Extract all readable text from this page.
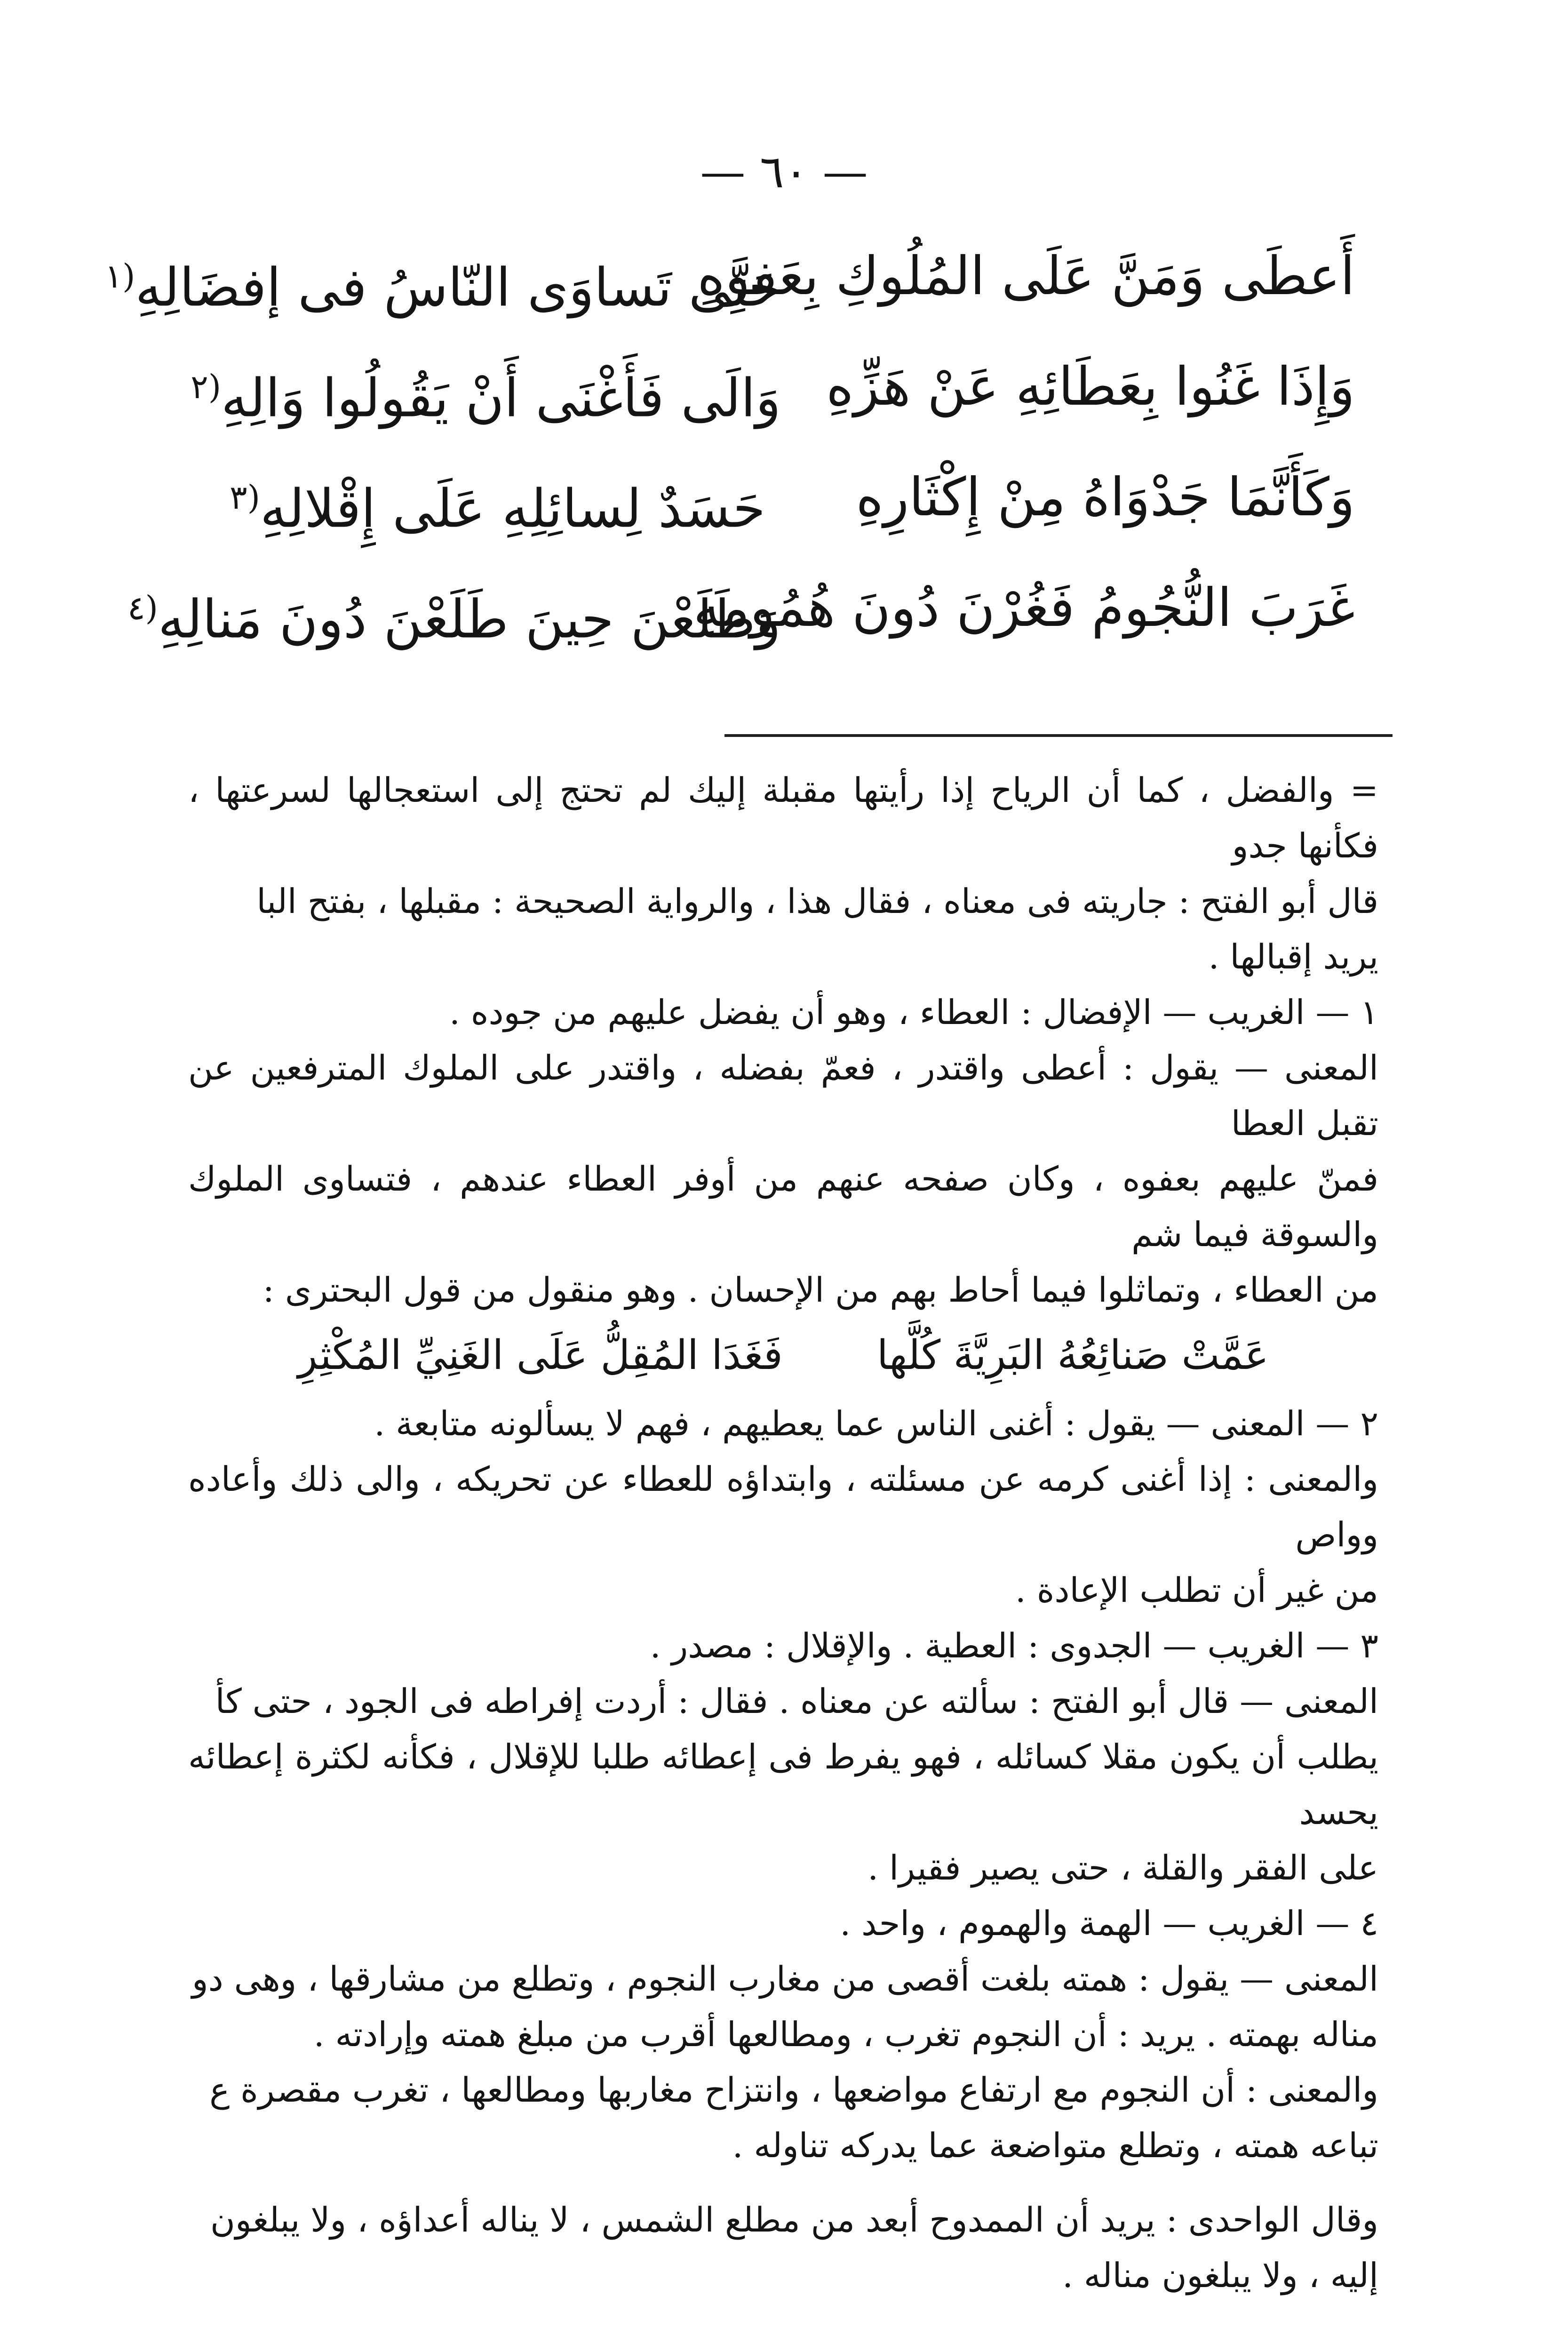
— ٦٠ —
أَعطَى وَمَنَّ عَلَى المُلُوكِ بِعَفوِهِ
حَتَّى تَساوَى النّاسُ فى إفضَالِهِ$^{(١}$
وَإِذَا غَنُوا بِعَطَائِهِ عَنْ هَزِّهِ
وَالَى فَأَغْنَى أَنْ يَقُولُوا وَالِهِ$^{(٢}$
وَكَأَنَّمَا جَدْوَاهُ مِنْ إِكْثَارِهِ
حَسَدٌ لِسائِلِهِ عَلَى إِقْلالِهِ$^{(٣}$
غَرَبَ النُّجُومُ فَغُرْنَ دُونَ هُمُومِهِ
وَطَلَعْنَ حِينَ طَلَعْنَ دُونَ مَنالِهِ$^{(٤}$

= والفضل ، كما أن الرياح إذا رأيتها مقبلة إليك لم تحتج إلى استعجالها لسرعتها ، فكأنها جدو

قال أبو الفتح : جاريته فى معناه ، فقال هذا ، والرواية الصحيحة : مقبلها ، بفتح البا

يريد إقبالها .

١ — الغريب — الإفضال : العطاء ، وهو أن يفضل عليهم من جوده .

المعنى — يقول : أعطى واقتدر ، فعمّ بفضله ، واقتدر على الملوك المترفعين عن تقبل العطا

فمنّ عليهم بعفوه ، وكان صفحه عنهم من أوفر العطاء عندهم ، فتساوى الملوك والسوقة فيما شم

من العطاء ، وتماثلوا فيما أحاط بهم من الإحسان . وهو منقول من قول البحترى :

عَمَّتْ صَنائِعُهُ البَرِيَّةَ كُلَّها
فَغَدَا المُقِلُّ عَلَى الغَنِيِّ المُكْثِرِ

٢ — المعنى — يقول : أغنى الناس عما يعطيهم ، فهم لا يسألونه متابعة .

والمعنى : إذا أغنى كرمه عن مسئلته ، وابتداؤه للعطاء عن تحريكه ، والى ذلك وأعاده وواص

من غير أن تطلب الإعادة .

٣ — الغريب — الجدوى : العطية . والإقلال : مصدر .

المعنى — قال أبو الفتح : سألته عن معناه . فقال : أردت إفراطه فى الجود ، حتى كأ

يطلب أن يكون مقلا كسائله ، فهو يفرط فى إعطائه طلبا للإقلال ، فكأنه لكثرة إعطائه يحسد

على الفقر والقلة ، حتى يصير فقيرا .

٤ — الغريب — الهمة والهموم ، واحد .

المعنى — يقول : همته بلغت أقصى من مغارب النجوم ، وتطلع من مشارقها ، وهى دو

مناله بهمته . يريد : أن النجوم تغرب ، ومطالعها أقرب من مبلغ همته وإرادته .

والمعنى : أن النجوم مع ارتفاع مواضعها ، وانتزاح مغاربها ومطالعها ، تغرب مقصرة ع

تباعه همته ، وتطلع متواضعة عما يدركه تناوله .

وقال الواحدى : يريد أن الممدوح أبعد من مطلع الشمس ، لا يناله أعداؤه ، ولا يبلغون

إليه ، ولا يبلغون مناله .
